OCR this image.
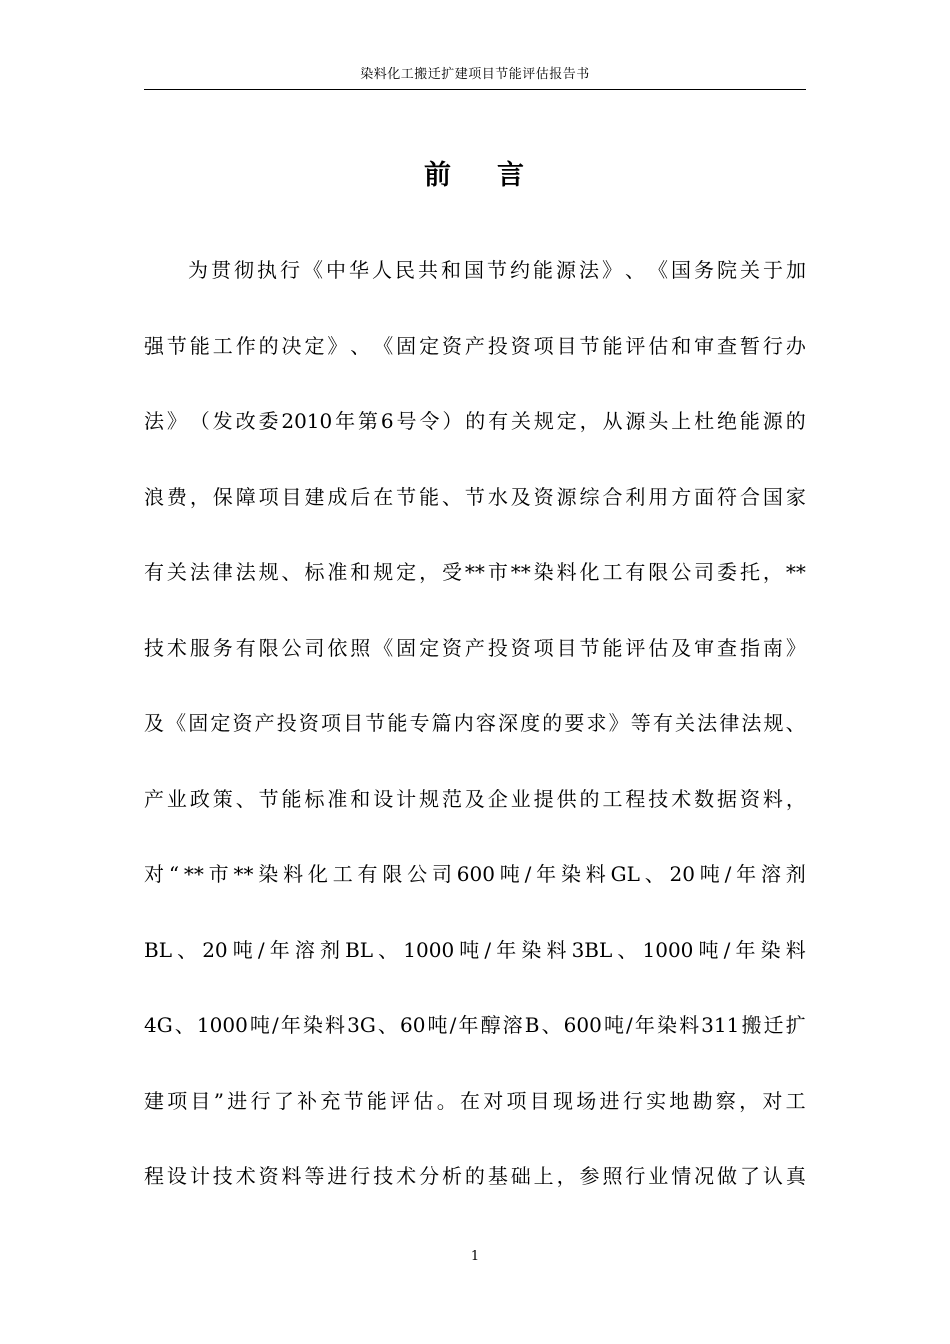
染料化工搬迁扩建项目节能评估报告书
前 言
为 贯 彻 执 行 《 中 华 人 民 共 和 国 节 约 能 源 法 》 、 《 国 务 院 关 于 加
强 节 能 工 作 的 决 定 》 、 《 固 定 资 产 投 资 项 目 节 能 评 估 和 审 查 暂 行 办
法 》 （ 发 改 委 2010 年 第 6 号 令 ） 的 有 关 规 定 ， 从 源 头 上 杜 绝 能 源 的
浪 费 ， 保 障 项 目 建 成 后 在 节 能 、 节 水 及 资 源 综 合 利 用 方 面 符 合 国 家
有 关 法 律 法 规 、 标 准 和 规 定 ， 受 ** 市 ** 染 料 化 工 有 限 公 司 委 托 ， **
技 术 服 务 有 限 公 司 依 照 《 固 定 资 产 投 资 项 目 节 能 评 估 及 审 查 指 南 》
及 《 固 定 资 产 投 资 项 目 节 能 专 篇 内 容 深 度 的 要 求 》 等 有 关 法 律 法 规 、
产 业 政 策 、 节 能 标 准 和 设 计 规 范 及 企 业 提 供 的 工 程 技 术 数 据 资 料 ，
对 “ ** 市 ** 染 料 化 工 有 限 公 司 600 吨 / 年 染 料 GL 、 20 吨 / 年 溶 剂
BL 、 20 吨 / 年 溶 剂 BL 、 1000 吨 / 年 染 料 3BL 、 1000 吨 / 年 染 料
4G 、 1000 吨 / 年 染 料 3G 、 60 吨 / 年 醇 溶 B 、 600 吨 / 年 染 料 311 搬 迁 扩
建 项 目 ” 进 行 了 补 充 节 能 评 估 。 在 对 项 目 现 场 进 行 实 地 勘 察 ， 对 工
程 设 计 技 术 资 料 等 进 行 技 术 分 析 的 基 础 上 ， 参 照 行 业 情 况 做 了 认 真
1
